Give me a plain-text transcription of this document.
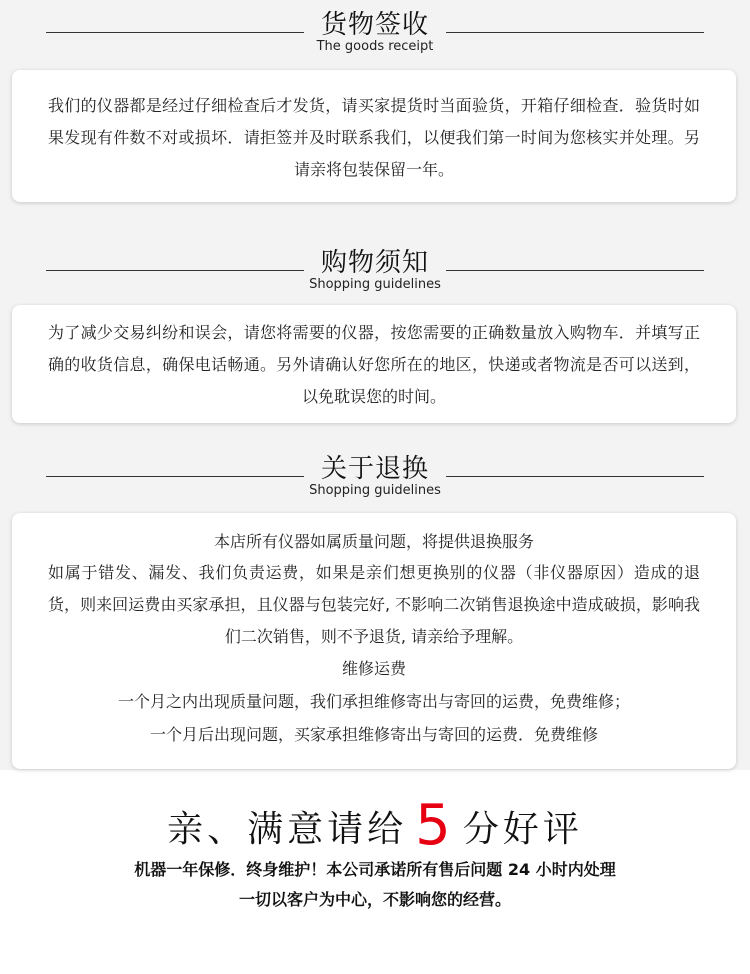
货物签收
The goods receipt

我们的仪器都是经过仔细检查后才发货，请买家提货时当面验货，开箱仔细检查．验货时如果发现有件数不对或损坏．请拒签并及时联系我们，以便我们第一时间为您核实并处理。另请亲将包装保留一年。

购物须知
Shopping guidelines

为了减少交易纠纷和误会，请您将需要的仪器，按您需要的正确数量放入购物车．并填写正确的收货信息，确保电话畅通。另外请确认好您所在的地区，快递或者物流是否可以送到，以免耽误您的时间。

关于退换
Shopping guidelines

本店所有仪器如属质量问题，将提供退换服务

如属于错发、漏发、我们负责运费，如果是亲们想更换别的仪器（非仪器原因）造成的退货，则来回运费由买家承担，且仪器与包装完好, 不影响二次销售退换途中造成破损，影响我们二次销售，则不予退货, 请亲给予理解。

维修运费

一个月之内出现质量问题，我们承担维修寄出与寄回的运费，免费维修；

一个月后出现问题，买家承担维修寄出与寄回的运费．免费维修

亲、满意请给 5 分好评
机器一年保修．终身维护！本公司承诺所有售后问题 24 小时内处理
一切以客户为中心，不影响您的经营。
